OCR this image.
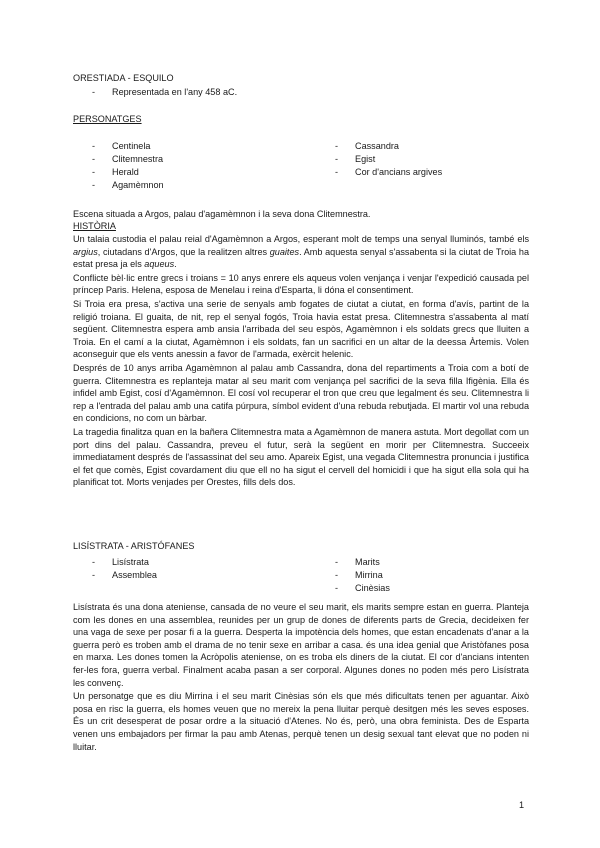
ORESTIADA - ESQUILO
- Representada en l'any 458 aC.
PERSONATGES
- Centinela
- Clitemnestra
- Herald
- Agamèmnon
- Cassandra
- Egist
- Cor d'ancians argives
Escena situada a Argos, palau d'agamèmnon i la seva dona Clitemnestra.
HISTÒRIA

Un talaia custodia el palau reial d'Agamèmnon a Argos, esperant molt de temps una senyal lluminós, també els argius, ciutadans d'Argos, que la realitzen altres guaites. Amb aquesta senyal s'assabenta si la ciutat de Troia ha estat presa ja els aqueus.

Conflicte bèl·lic entre grecs i troians = 10 anys enrere els aqueus volen venjança i venjar l'expedició causada pel príncep Paris. Helena, esposa de Menelau i reina d'Esparta, li dóna el consentiment.

Si Troia era presa, s'activa una serie de senyals amb fogates de ciutat a ciutat, en forma d'avís, partint de la religió troiana. El guaita, de nit, rep el senyal fogós, Troia havia estat presa. Clitemnestra s'assabenta al matí següent. Clitemnestra espera amb ansia l'arribada del seu espòs, Agamèmnon i els soldats grecs que lluiten a Troia. En el camí a la ciutat, Agamèmnon i els soldats, fan un sacrifici en un altar de la deessa Àrtemis. Volen aconseguir que els vents anessin a favor de l'armada, exèrcit helenic.

Després de 10 anys arriba Agamèmnon al palau amb Cassandra, dona del repartiments a Troia com a botí de guerra. Clitemnestra es replanteja matar al seu marit com venjança pel sacrifici de la seva filla Ifigènia. Ella és infidel amb Egist, cosí d'Agamèmnon. El cosí vol recuperar el tron que creu que legalment és seu. Clitemnestra li rep a l'entrada del palau amb una catifa púrpura, símbol evident d'una rebuda rebutjada. El martir vol una rebuda en condicions, no com un bàrbar.

La tragedia finalitza quan en la bañera Clitemnestra mata a Agamèmnon de manera astuta. Mort degollat com un port dins del palau. Cassandra, preveu el futur, serà la següent en morir per Clitemnestra. Succeeix immediatament després de l'assassinat del seu amo. Apareix Egist, una vegada Clitemnestra pronuncia i justifica el fet que comès, Egist covardament diu que ell no ha sigut el cervell del homicidi i que ha sigut ella sola qui ha planificat tot. Morts venjades per Orestes, fills dels dos.

LISÍSTRATA - ARISTÓFANES
- Lisístrata
- Assemblea
- Marits
- Mirrina
- Cinèsias

Lisístrata és una dona ateniense, cansada de no veure el seu marit, els marits sempre estan en guerra. Planteja com les dones en una assemblea, reunides per un grup de dones de diferents parts de Grecia, decideixen fer una vaga de sexe per posar fi a la guerra. Desperta la impotència dels homes, que estan encadenats d'anar a la guerra però es troben amb el drama de no tenir sexe en arribar a casa. és una idea genial que Aristòfanes posa en marxa. Les dones tomen la Acròpolis ateniense, on es troba els diners de la ciutat. El cor d'ancians intenten fer-les fora, guerra verbal. Finalment acaba pasan a ser corporal. Algunes dones no poden més pero Lisístrata les convenç.

Un personatge que es diu Mirrina i el seu marit Cinèsias són els que més dificultats tenen per aguantar. Això posa en risc la guerra, els homes veuen que no mereix la pena lluitar perquè desitgen més les seves esposes. És un crit desesperat de posar ordre a la situació d'Atenes. No és, però, una obra feminista. Des de Esparta venen uns embajadors per firmar la pau amb Atenas, perquè tenen un desig sexual tant elevat que no poden ni lluitar.

1
